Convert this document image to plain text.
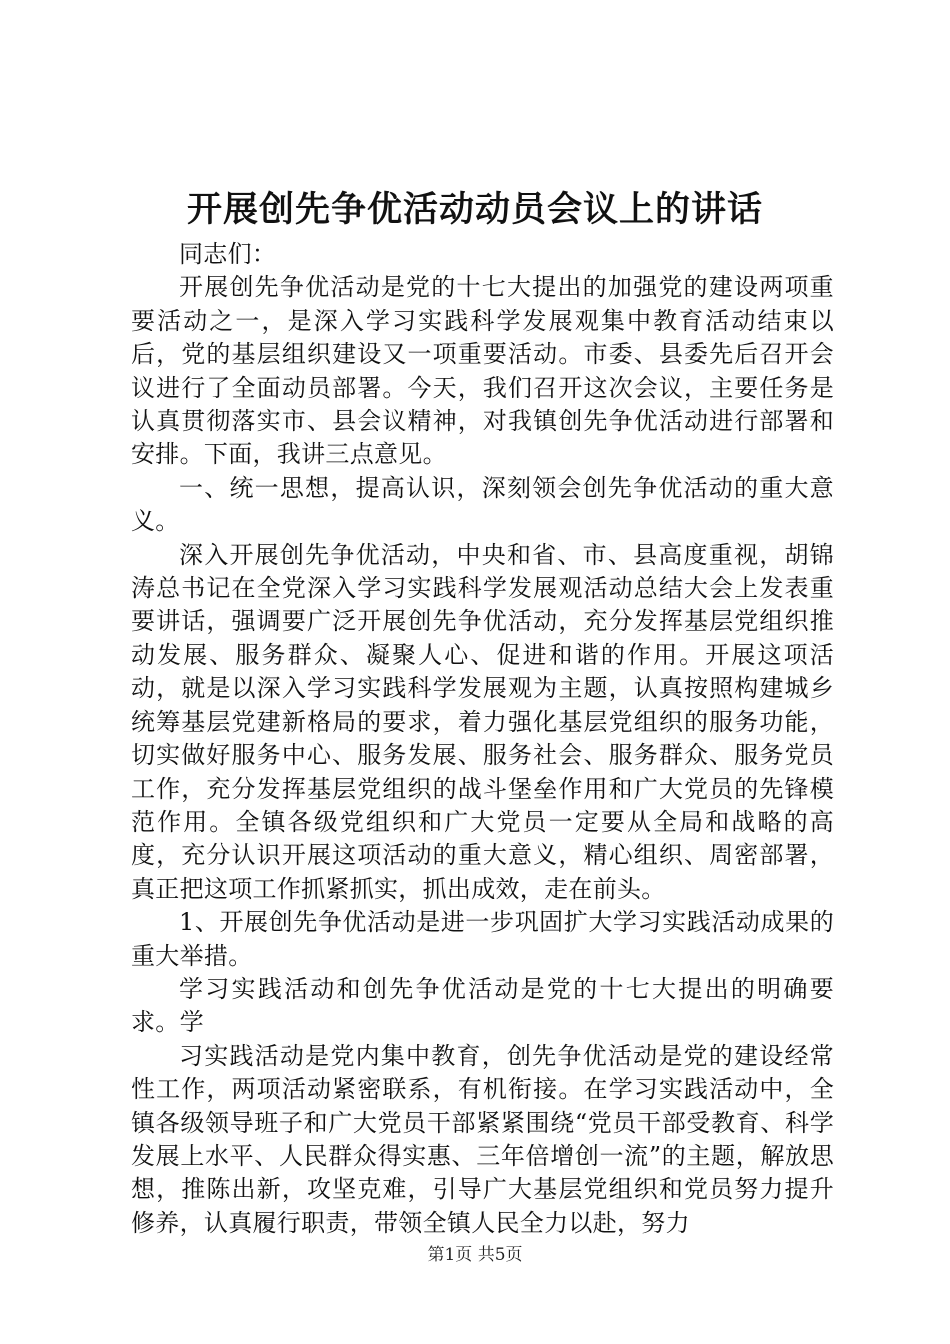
开展创先争优活动动员会议上的讲话

同志们：

开展创先争优活动是党的十七大提出的加强党的建设两项重要活动之一，是深入学习实践科学发展观集中教育活动结束以后，党的基层组织建设又一项重要活动。市委、县委先后召开会议进行了全面动员部署。今天，我们召开这次会议，主要任务是认真贯彻落实市、县会议精神，对我镇创先争优活动进行部署和安排。下面，我讲三点意见。

一、统一思想，提高认识，深刻领会创先争优活动的重大意义。

深入开展创先争优活动，中央和省、市、县高度重视，胡锦涛总书记在全党深入学习实践科学发展观活动总结大会上发表重要讲话，强调要广泛开展创先争优活动，充分发挥基层党组织推动发展、服务群众、凝聚人心、促进和谐的作用。开展这项活动，就是以深入学习实践科学发展观为主题，认真按照构建城乡统筹基层党建新格局的要求，着力强化基层党组织的服务功能，切实做好服务中心、服务发展、服务社会、服务群众、服务党员工作，充分发挥基层党组织的战斗堡垒作用和广大党员的先锋模范作用。全镇各级党组织和广大党员一定要从全局和战略的高度，充分认识开展这项活动的重大意义，精心组织、周密部署，真正把这项工作抓紧抓实，抓出成效，走在前头。

1、开展创先争优活动是进一步巩固扩大学习实践活动成果的重大举措。

学习实践活动和创先争优活动是党的十七大提出的明确要求。学

习实践活动是党内集中教育，创先争优活动是党的建设经常性工作，两项活动紧密联系，有机衔接。在学习实践活动中，全镇各级领导班子和广大党员干部紧紧围绕“党员干部受教育、科学发展上水平、人民群众得实惠、三年倍增创一流”的主题，解放思想，推陈出新，攻坚克难，引导广大基层党组织和党员努力提升修养，认真履行职责，带领全镇人民全力以赴，努力

第1页 共5页
